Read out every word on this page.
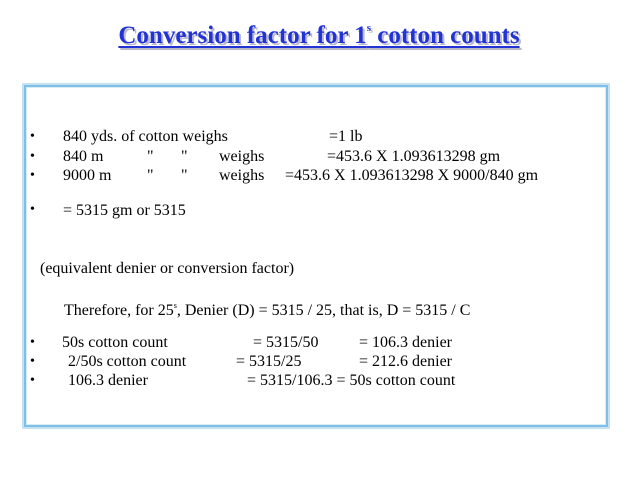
Conversion factor for 1$^s$ cotton counts
• 840 yds. of cotton weighs	=1 lb
• 840 m	" " weighs	=453.6 X 1.093613298 gm
• 9000 m " " weighs =453.6 X 1.093613298 X 9000/840 gm
• = 5315 gm or 5315
(equivalent denier or conversion factor)
Therefore, for 25$^s$, Denier (D) = 5315 / 25, that is, D = 5315 / C
• 50s cotton count	= 5315/50	= 106.3 denier
• 2/50s cotton count	= 5315/25	= 212.6 denier
• 106.3 denier	= 5315/106.3 = 50s cotton count
